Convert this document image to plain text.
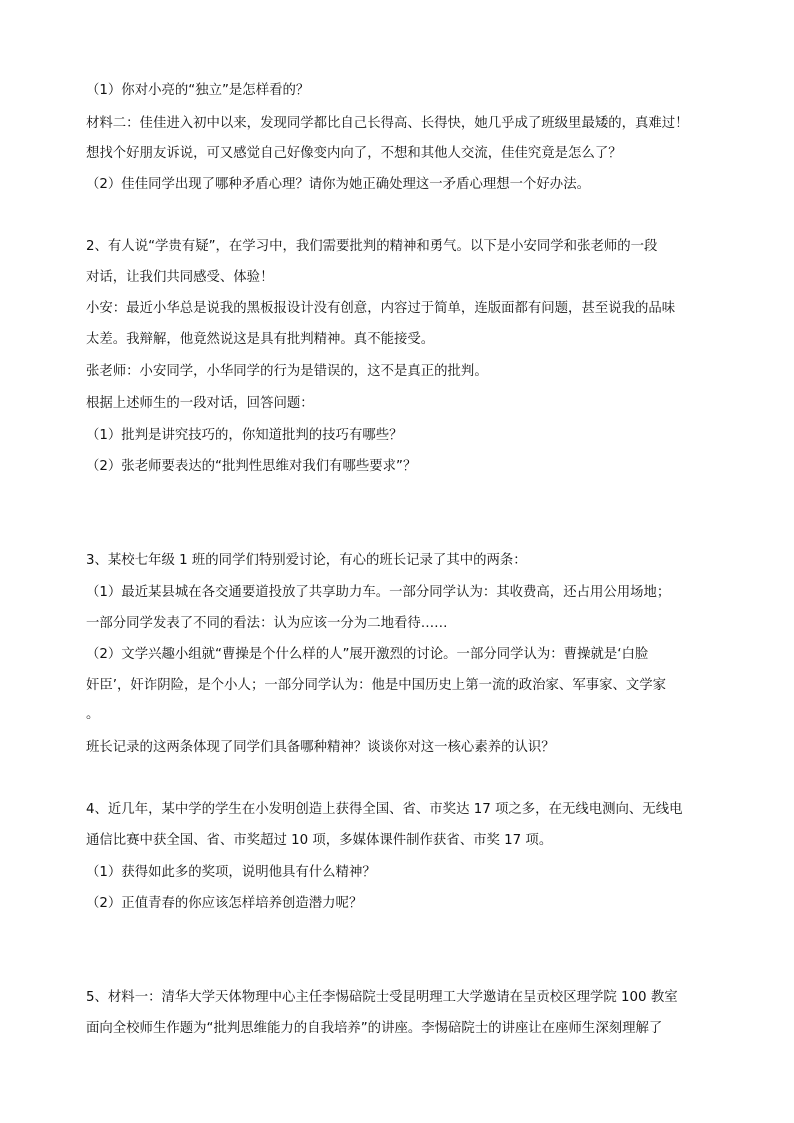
（1）你对小亮的“独立”是怎样看的？
材料二：佳佳进入初中以来，发现同学都比自己长得高、长得快，她几乎成了班级里最矮的，真难过！
想找个好朋友诉说，可又感觉自己好像变内向了，不想和其他人交流，佳佳究竟是怎么了？
（2）佳佳同学出现了哪种矛盾心理？请你为她正确处理这一矛盾心理想一个好办法。
2、有人说“学贵有疑”，在学习中，我们需要批判的精神和勇气。以下是小安同学和张老师的一段
对话，让我们共同感受、体验！
小安：最近小华总是说我的黑板报设计没有创意，内容过于简单，连版面都有问题，甚至说我的品味
太差。我辩解，他竟然说这是具有批判精神。真不能接受。
张老师：小安同学，小华同学的行为是错误的，这不是真正的批判。
根据上述师生的一段对话，回答问题：
（1）批判是讲究技巧的，你知道批判的技巧有哪些？
（2）张老师要表达的“批判性思维对我们有哪些要求”？
3、某校七年级 1 班的同学们特别爱讨论，有心的班长记录了其中的两条：
（1）最近某县城在各交通要道投放了共享助力车。一部分同学认为：其收费高，还占用公用场地；
一部分同学发表了不同的看法：认为应该一分为二地看待……
（2）文学兴趣小组就“曹操是个什么样的人”展开激烈的讨论。一部分同学认为：曹操就是‘白脸
奸臣’，奸诈阴险，是个小人；一部分同学认为：他是中国历史上第一流的政治家、军事家、文学家
。
班长记录的这两条体现了同学们具备哪种精神？谈谈你对这一核心素养的认识？
4、近几年，某中学的学生在小发明创造上获得全国、省、市奖达 17 项之多，在无线电测向、无线电
通信比赛中获全国、省、市奖超过 10 项，多媒体课件制作获省、市奖 17 项。
（1）获得如此多的奖项，说明他具有什么精神？
（2）正值青春的你应该怎样培养创造潜力呢？
5、材料一：清华大学天体物理中心主任李惕碚院士受昆明理工大学邀请在呈贡校区理学院 100 教室
面向全校师生作题为“批判思维能力的自我培养”的讲座。李惕碚院士的讲座让在座师生深刻理解了
